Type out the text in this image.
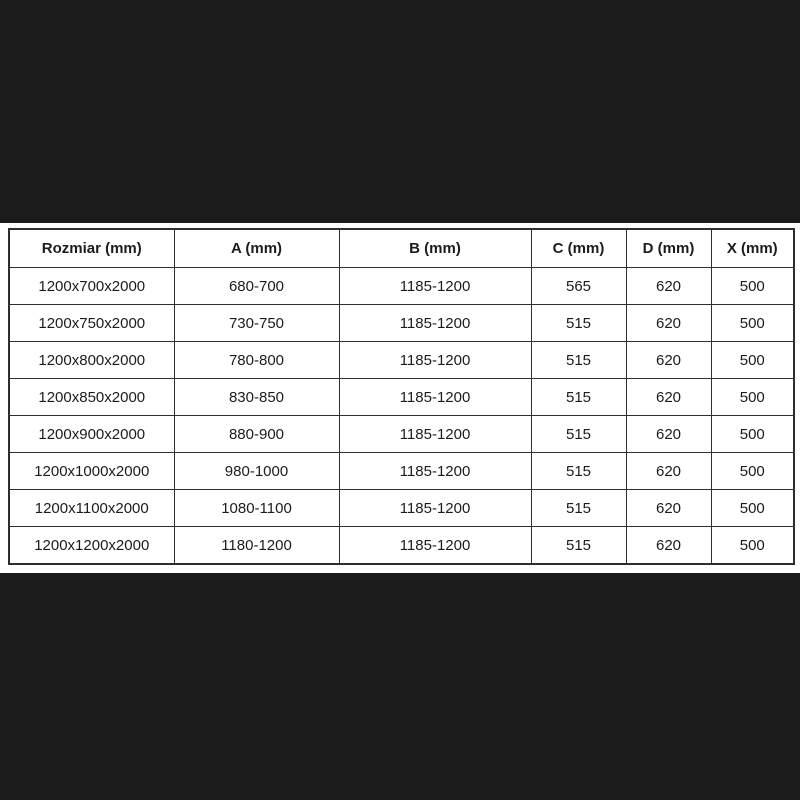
Rozmiar (mm)	A (mm)	B (mm)	C (mm)	D (mm)	X (mm)
1200x700x2000	680-700	1185-1200	565	620	500
1200x750x2000	730-750	1185-1200	515	620	500
1200x800x2000	780-800	1185-1200	515	620	500
1200x850x2000	830-850	1185-1200	515	620	500
1200x900x2000	880-900	1185-1200	515	620	500
1200x1000x2000	980-1000	1185-1200	515	620	500
1200x1100x2000	1080-1100	1185-1200	515	620	500
1200x1200x2000	1180-1200	1185-1200	515	620	500
